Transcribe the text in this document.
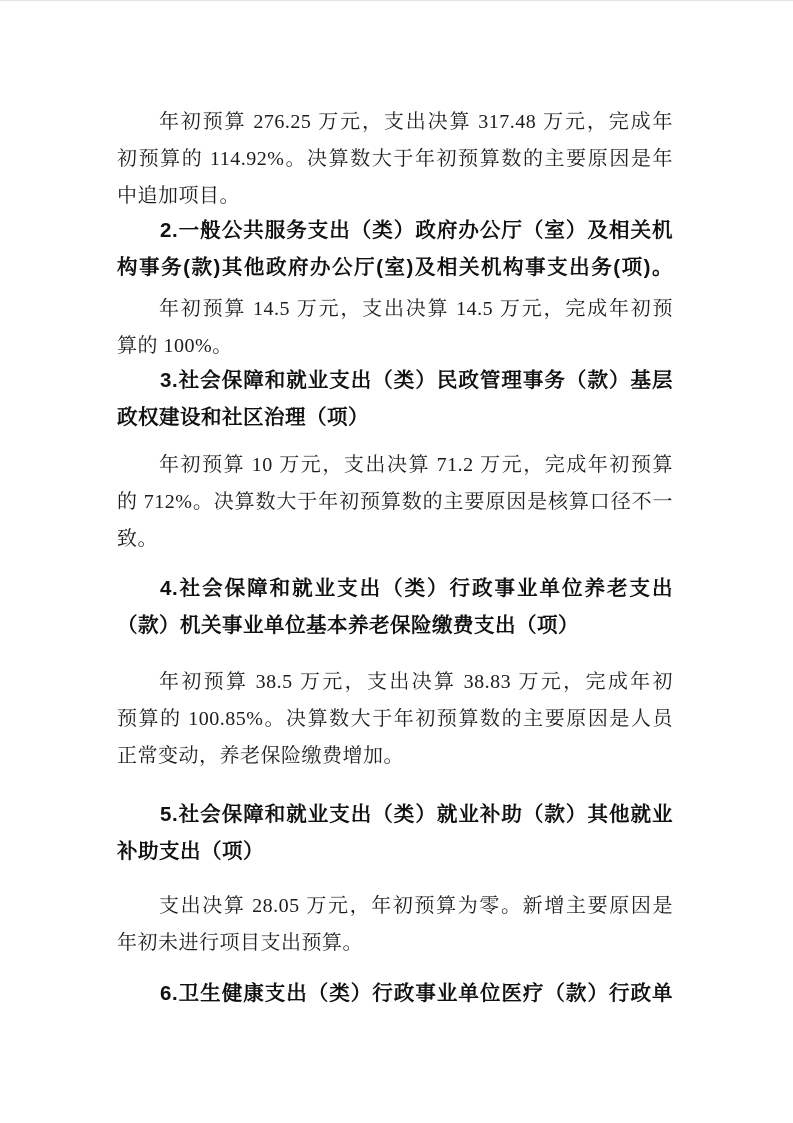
年初预算 276.25 万元，支出决算 317.48 万元，完成年
初预算的 114.92%。决算数大于年初预算数的主要原因是年
中追加项目。
2.一般公共服务支出（类）政府办公厅（室）及相关机
构事务(款)其他政府办公厅(室)及相关机构事支出务(项)。
年初预算 14.5 万元，支出决算 14.5 万元，完成年初预
算的 100%。
3.社会保障和就业支出（类）民政管理事务（款）基层
政权建设和社区治理（项）
年初预算 10 万元，支出决算 71.2 万元，完成年初预算
的 712%。决算数大于年初预算数的主要原因是核算口径不一
致。
4.社会保障和就业支出（类）行政事业单位养老支出
（款）机关事业单位基本养老保险缴费支出（项）
年初预算 38.5 万元，支出决算 38.83 万元，完成年初
预算的 100.85%。决算数大于年初预算数的主要原因是人员
正常变动，养老保险缴费增加。
5.社会保障和就业支出（类）就业补助（款）其他就业
补助支出（项）
支出决算 28.05 万元，年初预算为零。新增主要原因是
年初未进行项目支出预算。
6.卫生健康支出（类）行政事业单位医疗（款）行政单
